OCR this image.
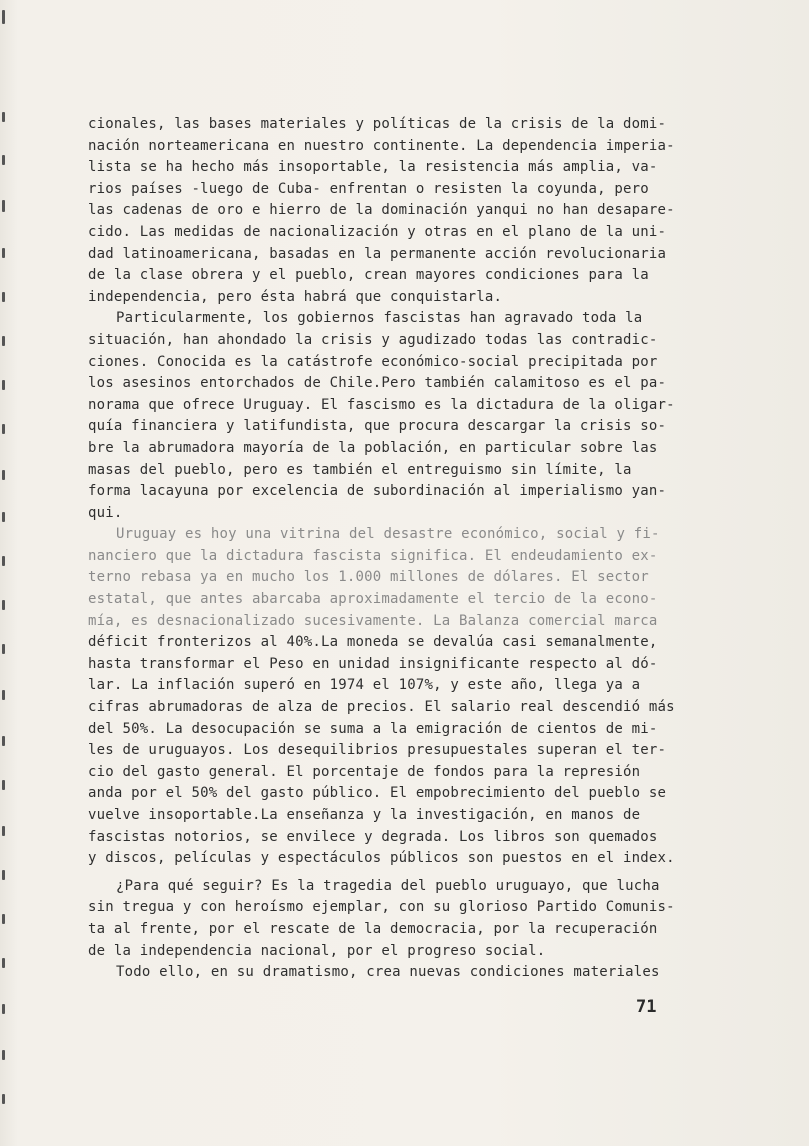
cionales, las bases materiales y políticas de la crisis de la domi-
nación norteamericana en nuestro continente. La dependencia imperia-
lista se ha hecho más insoportable, la resistencia más amplia, va-
rios países -luego de Cuba- enfrentan o resisten la coyunda, pero
las cadenas de oro e hierro de la dominación yanqui no han desapare-
cido. Las medidas de nacionalización y otras en el plano de la uni-
dad latinoamericana, basadas en la permanente acción revolucionaria
de la clase obrera y el pueblo, crean mayores condiciones para la
independencia, pero ésta habrá que conquistarla.
Particularmente, los gobiernos fascistas han agravado toda la
situación, han ahondado la crisis y agudizado todas las contradic-
ciones. Conocida es la catástrofe económico-social precipitada por
los asesinos entorchados de Chile.Pero también calamitoso es el pa-
norama que ofrece Uruguay. El fascismo es la dictadura de la oligar-
quía financiera y latifundista, que procura descargar la crisis so-
bre la abrumadora mayoría de la población, en particular sobre las
masas del pueblo, pero es también el entreguismo sin límite, la
forma lacayuna por excelencia de subordinación al imperialismo yan-
qui.
Uruguay es hoy una vitrina del desastre económico, social y fi-
nanciero que la dictadura fascista significa. El endeudamiento ex-
terno rebasa ya en mucho los 1.000 millones de dólares. El sector
estatal, que antes abarcaba aproximadamente el tercio de la econo-
mía, es desnacionalizado sucesivamente. La Balanza comercial marca
déficit fronterizos al 40%.La moneda se devalúa casi semanalmente,
hasta transformar el Peso en unidad insignificante respecto al dó-
lar. La inflación superó en 1974 el 107%, y este año, llega ya a
cifras abrumadoras de alza de precios. El salario real descendió más
del 50%. La desocupación se suma a la emigración de cientos de mi-
les de uruguayos. Los desequilibrios presupuestales superan el ter-
cio del gasto general. El porcentaje de fondos para la represión
anda por el 50% del gasto público. El empobrecimiento del pueblo se
vuelve insoportable.La enseñanza y la investigación, en manos de
fascistas notorios, se envilece y degrada. Los libros son quemados
y discos, películas y espectáculos públicos son puestos en el index.
¿Para qué seguir? Es la tragedia del pueblo uruguayo, que lucha
sin tregua y con heroísmo ejemplar, con su glorioso Partido Comunis-
ta al frente, por el rescate de la democracia, por la recuperación
de la independencia nacional, por el progreso social.
Todo ello, en su dramatismo, crea nuevas condiciones materiales
71
